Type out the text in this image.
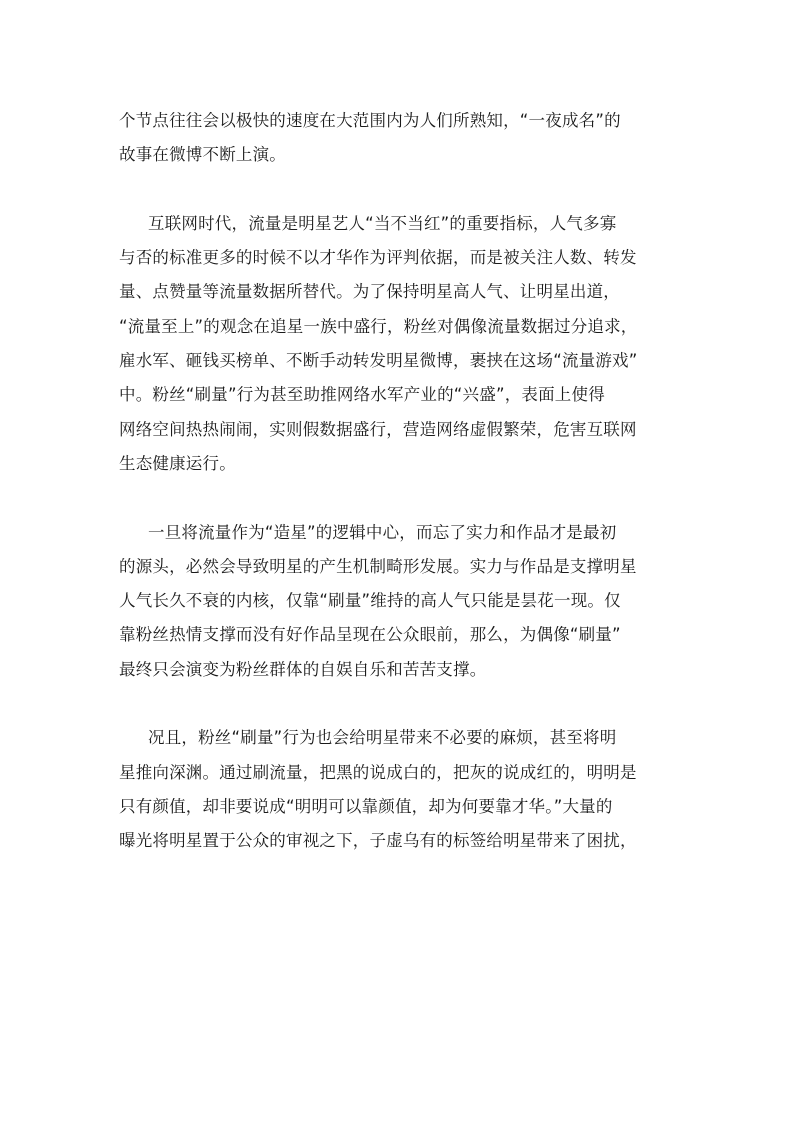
个节点往往会以极快的速度在大范围内为人们所熟知，“一夜成名”的
故事在微博不断上演。
互联网时代，流量是明星艺人“当不当红”的重要指标，人气多寡
与否的标准更多的时候不以才华作为评判依据，而是被关注人数、转发
量、点赞量等流量数据所替代。为了保持明星高人气、让明星出道，
“流量至上”的观念在追星一族中盛行，粉丝对偶像流量数据过分追求，
雇水军、砸钱买榜单、不断手动转发明星微博，裹挟在这场“流量游戏”
中。粉丝“刷量”行为甚至助推网络水军产业的“兴盛”，表面上使得
网络空间热热闹闹，实则假数据盛行，营造网络虚假繁荣，危害互联网
生态健康运行。
一旦将流量作为“造星”的逻辑中心，而忘了实力和作品才是最初
的源头，必然会导致明星的产生机制畸形发展。实力与作品是支撑明星
人气长久不衰的内核，仅靠“刷量”维持的高人气只能是昙花一现。仅
靠粉丝热情支撑而没有好作品呈现在公众眼前，那么，为偶像“刷量”
最终只会演变为粉丝群体的自娱自乐和苦苦支撑。
况且，粉丝“刷量”行为也会给明星带来不必要的麻烦，甚至将明
星推向深渊。通过刷流量，把黑的说成白的，把灰的说成红的，明明是
只有颜值，却非要说成“明明可以靠颜值，却为何要靠才华。”大量的
曝光将明星置于公众的审视之下，子虚乌有的标签给明星带来了困扰，
